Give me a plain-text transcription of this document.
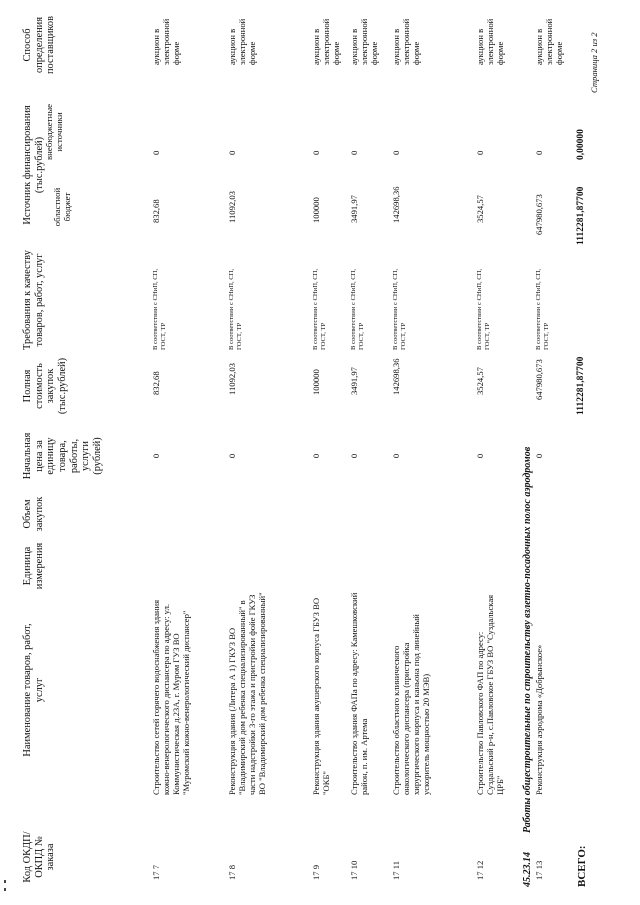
Код ОКДП/ ОКПД № заказа
Наименование товаров, работ, услуг
Единица измерения
Объем закупок
Начальная цена за единицу товара, работы, услуги (рублей)
Полная стоимость закупок (тыс.рублей)
Требования к качеству товаров, работ, услуг
Источник финансирования (тыс.рублей)
областной бюджет
внебюджетные источники
Способ определения поставщиков
17 7
Строительство сетей горячего водоснабжения здания кожно-венерологического диспансера по адресу: ул. Коммунистическая д.23А, г. Муром ГУЗ ВО "Муромский кожно-венерологический диспансер"
0
832,68
В соответствии с СНиП, СП, ГОСТ, ТР
832,68
0
аукцион в электронной форме
17 8
Реконструкция здания (Литера А 1) ГКУЗ ВО "Владимирский дом ребенка специализированный" в части надстройки 3-го этажа и пристройки фойе ГКУЗ ВО "Владимирский дом ребенка специализированный"
0
11092,03
В соответствии с СНиП, СП, ГОСТ, ТР
11092,03
0
аукцион в электронной форме
17 9
Реконструкция здания акушерского корпуса ГБУЗ ВО "ОКБ"
0
100000
В соответствии с СНиП, СП, ГОСТ, ТР
100000
0
аукцион в электронной форме
17 10
Строительство здания ФАПа по адресу: Камешковский район, п. им. Артема
0
3491,97
В соответствии с СНиП, СП, ГОСТ, ТР
3491,97
0
аукцион в электронной форме
17 11
Строительство областного клинического онкологического диспансера (пристройка хирургического корпуса и каньона под линейный ускоритель мощностью 20 МЭВ)
0
142698,36
В соответствии с СНиП, СП, ГОСТ, ТР
142698,36
0
аукцион в электронной форме
17 12
Строительство Павловского ФАП по адресу: Суздальский р-н, с.Павловское ГБУЗ ВО "Суздальская ЦРБ"
0
3524,57
В соответствии с СНиП, СП, ГОСТ, ТР
3524,57
0
аукцион в электронной форме
45.23.14
Работы общестроительные по строительству взлетно-посадочных полос аэродромов
17 13
Реконструкция аэродрома «Добрынское»
0
647980,673
В соответствии с СНиП, СП, ГОСТ, ТР
647980,673
0
аукцион в электронной форме
ВСЕГО:
1112281,87700
1112281,87700
0,00000
Страница 2 из 2
